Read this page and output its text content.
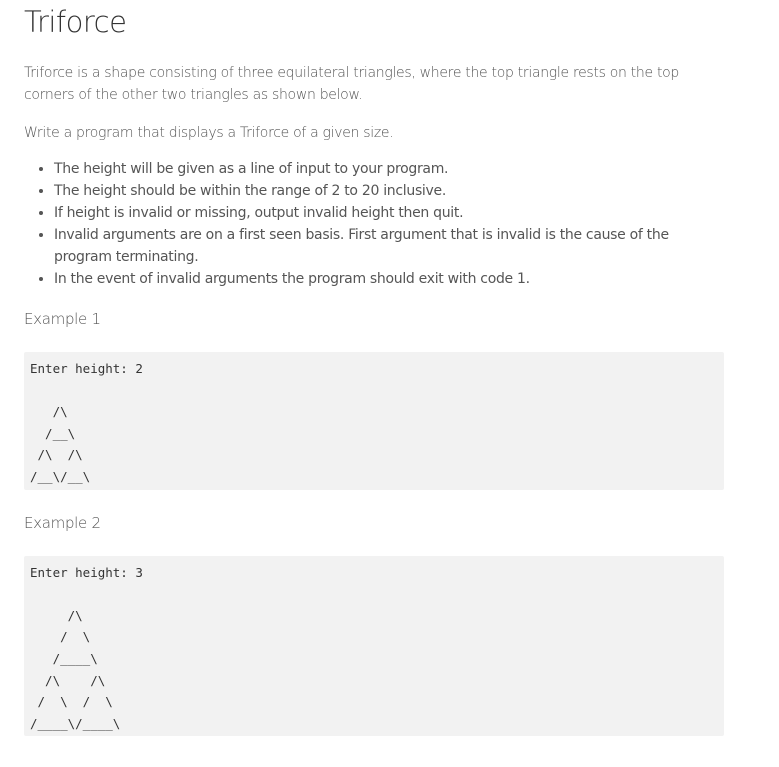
Triforce

Triforce is a shape consisting of three equilateral triangles, where the top triangle rests on the top corners of the other two triangles as shown below.

Write a program that displays a Triforce of a given size.

• The height will be given as a line of input to your program.
• The height should be within the range of 2 to 20 inclusive.
• If height is invalid or missing, output invalid height then quit.
• Invalid arguments are on a first seen basis. First argument that is invalid is the cause of the program terminating.
• In the event of invalid arguments the program should exit with code 1.

Example 1

Enter height: 2

/\
/__\
/\  /\
/__\/__\

Example 2

Enter height: 3

/\
/  \
/____\
/\    /\
/  \  /  \
/____\/____\
